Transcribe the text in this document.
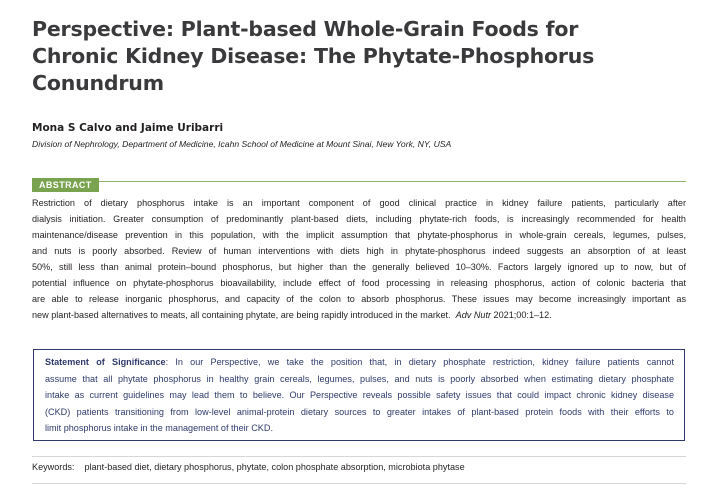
Perspective: Plant-based Whole-Grain Foods for
Chronic Kidney Disease: The Phytate-Phosphorus
Conundrum
Mona S Calvo and Jaime Uribarri
Division of Nephrology, Department of Medicine, Icahn School of Medicine at Mount Sinai, New York, NY, USA
ABSTRACT
Restriction of dietary phosphorus intake is an important component of good clinical practice in kidney failure patients, particularly after
dialysis initiation. Greater consumption of predominantly plant-based diets, including phytate-rich foods, is increasingly recommended for health
maintenance/disease prevention in this population, with the implicit assumption that phytate-phosphorus in whole-grain cereals, legumes, pulses,
and nuts is poorly absorbed. Review of human interventions with diets high in phytate-phosphorus indeed suggests an absorption of at least
50%, still less than animal protein–bound phosphorus, but higher than the generally believed 10–30%. Factors largely ignored up to now, but of
potential influence on phytate-phosphorus bioavailability, include effect of food processing in releasing phosphorus, action of colonic bacteria that
are able to release inorganic phosphorus, and capacity of the colon to absorb phosphorus. These issues may become increasingly important as
new plant-based alternatives to meats, all containing phytate, are being rapidly introduced in the market. Adv Nutr 2021;00:1–12.
Statement of Significance: In our Perspective, we take the position that, in dietary phosphate restriction, kidney failure patients cannot
assume that all phytate phosphorus in healthy grain cereals, legumes, pulses, and nuts is poorly absorbed when estimating dietary phosphate
intake as current guidelines may lead them to believe. Our Perspective reveals possible safety issues that could impact chronic kidney disease
(CKD) patients transitioning from low-level animal-protein dietary sources to greater intakes of plant-based protein foods with their efforts to
limit phosphorus intake in the management of their CKD.
Keywords: plant-based diet, dietary phosphorus, phytate, colon phosphate absorption, microbiota phytase
